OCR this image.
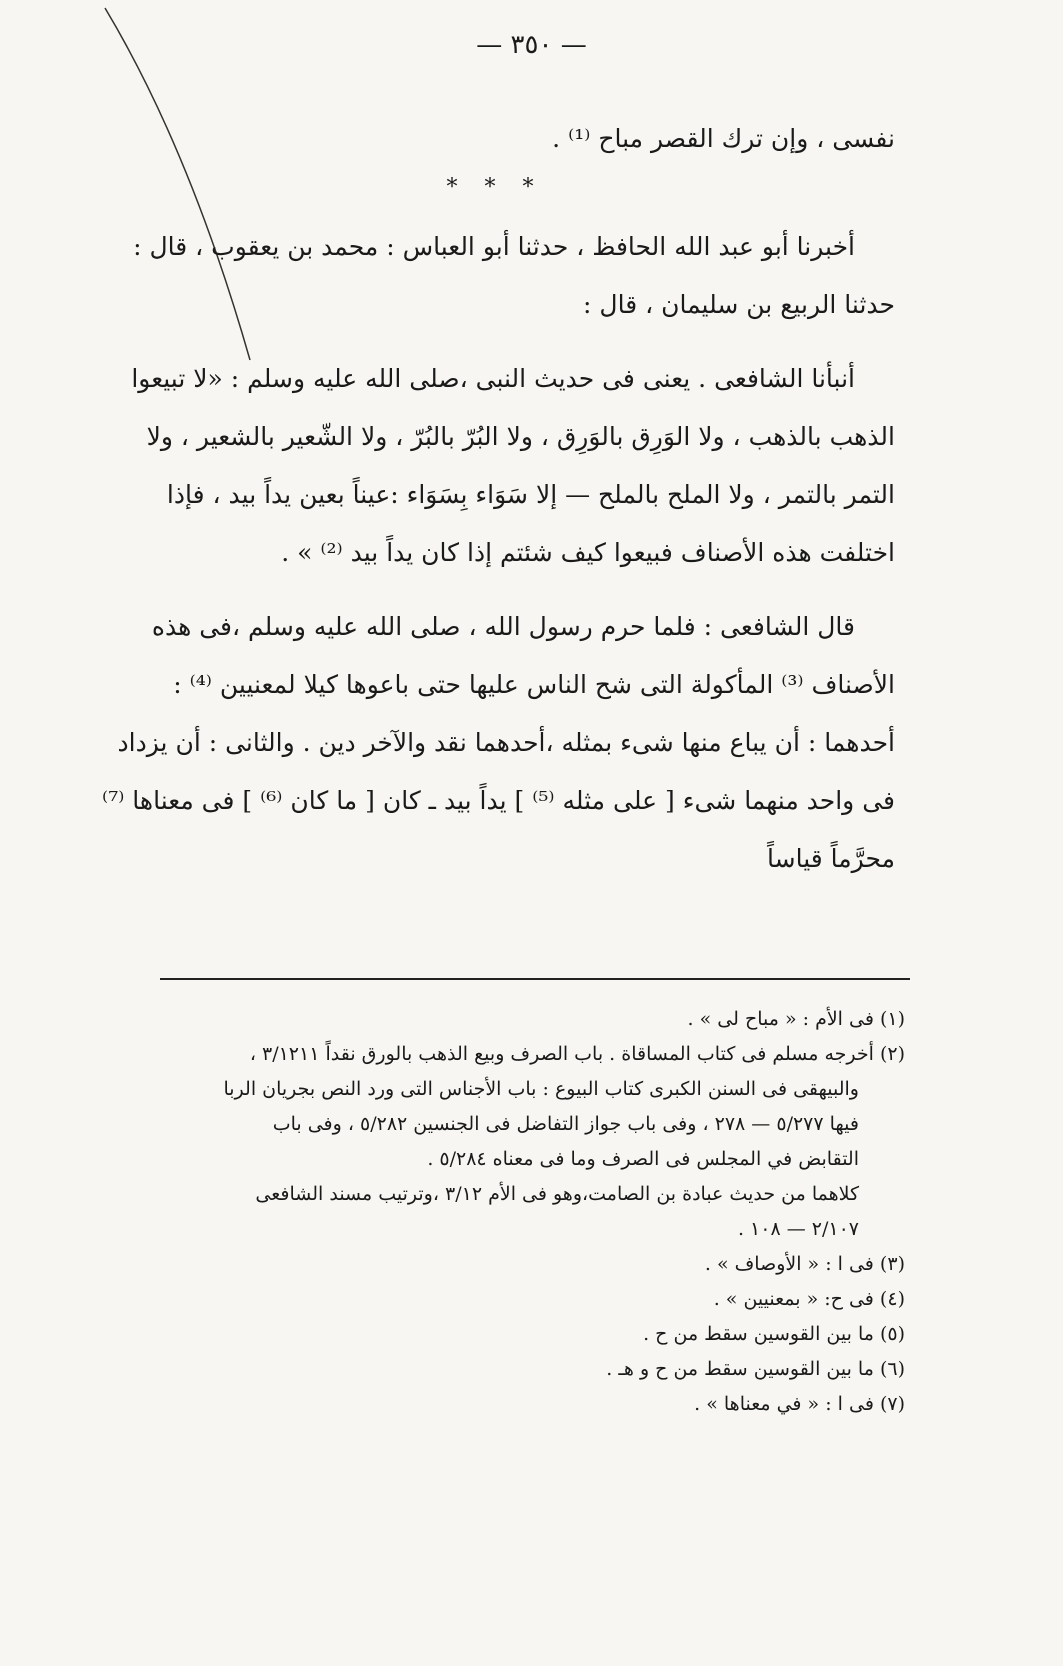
— ٣٥٠ —

نفسى ، وإن ترك القصر مباح ⁽¹⁾ .

* * *

أخبرنا أبو عبد الله الحافظ ، حدثنا أبو العباس : محمد بن يعقوب ، قال : حدثنا الربيع بن سليمان ، قال :

أنبأنا الشافعى . يعنى فى حديث النبى ،صلى الله عليه وسلم : «لا تبيعوا الذهب بالذهب ، ولا الوَرِق بالوَرِق ، ولا البُرّ بالبُرّ ، ولا الشّعير بالشعير ، ولا التمر بالتمر ، ولا الملح بالملح — إلا سَوَاء بِسَوَاء :عيناً بعين يداً بيد ، فإذا اختلفت هذه الأصناف فبيعوا كيف شئتم إذا كان يداً بيد ⁽²⁾ » .

قال الشافعى : فلما حرم رسول الله ، صلى الله عليه وسلم ،فى هذه الأصناف ⁽³⁾ المأكولة التى شح الناس عليها حتى باعوها كيلا لمعنيين ⁽⁴⁾ : أحدهما : أن يباع منها شىء بمثله ،أحدهما نقد والآخر دين . والثانى : أن يزداد فى واحد منهما شىء [ على مثله ⁽⁵⁾ ] يداً بيد ـ كان [ ما كان ⁽⁶⁾ ] فى معناها ⁽⁷⁾ محرَّماً قياساً

(١) فى الأم : « مباح لى » .

(٢) أخرجه مسلم فى كتاب المساقاة . باب الصرف وبيع الذهب بالورق نقداً ٣/١٢١١ ،

والبيهقى فى السنن الكبرى كتاب البيوع : باب الأجناس التى ورد النص بجريان الربا

فيها ٥/٢٧٧ — ٢٧٨ ، وفى باب جواز التفاضل فى الجنسين ٥/٢٨٢ ، وفى باب

التقابض في المجلس فى الصرف وما فى معناه ٥/٢٨٤ .

كلاهما من حديث عبادة بن الصامت،وهو فى الأم ٣/١٢ ،وترتيب مسند الشافعى

٢/١٠٧ — ١٠٨ .

(٣) فى ا : « الأوصاف » .

(٤) فى ح: « بمعنيين » .

(٥) ما بين القوسين سقط من ح .

(٦) ما بين القوسين سقط من ح و هـ .

(٧) فى ا : « في معناها » .
